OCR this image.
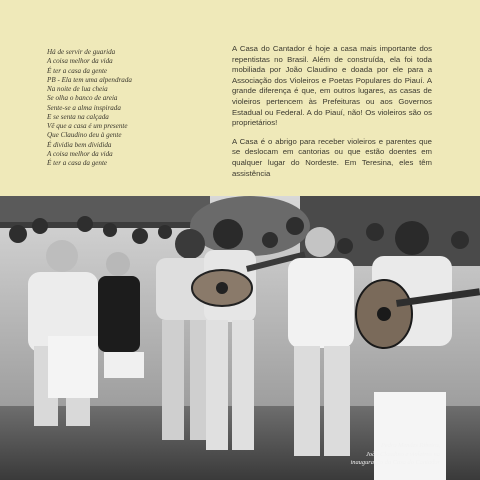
Há de servir de guarida
A coisa melhor da vida
É ter a casa da gente
PB - Ela tem uma alpendrada
Na noite de lua cheia
Se olha o banco de areia
Sente-se a alma inspirada
E se senta na calçada
Vê que a casa é um presente
Que Claudino deu à gente
É dividia bem dividida
A coisa melhor da vida
É ter a casa da gente

A Casa do Cantador é hoje a casa mais importante dos repentistas no Brasil. Além de construída, ela foi toda mobiliada por João Claudino e doada por ele para a Associação dos Violeiros e Poetas Populares do Piauí. A grande diferença é que, em outros lugares, as casas de violeiros pertencem às Prefeituras ou aos Governos Estadual ou Federal. A do Piauí, não! Os violeiros são os proprietários!

A Casa é o abrigo para receber violeiros e parentes que se deslocam em cantorias ou que estão doentes em qualquer lugar do Nordeste. Em Teresina, eles têm assistência

Pedro Mendes Ribeiro,
João Claudino e violeiros na
inauguração da Casa do Cantador
